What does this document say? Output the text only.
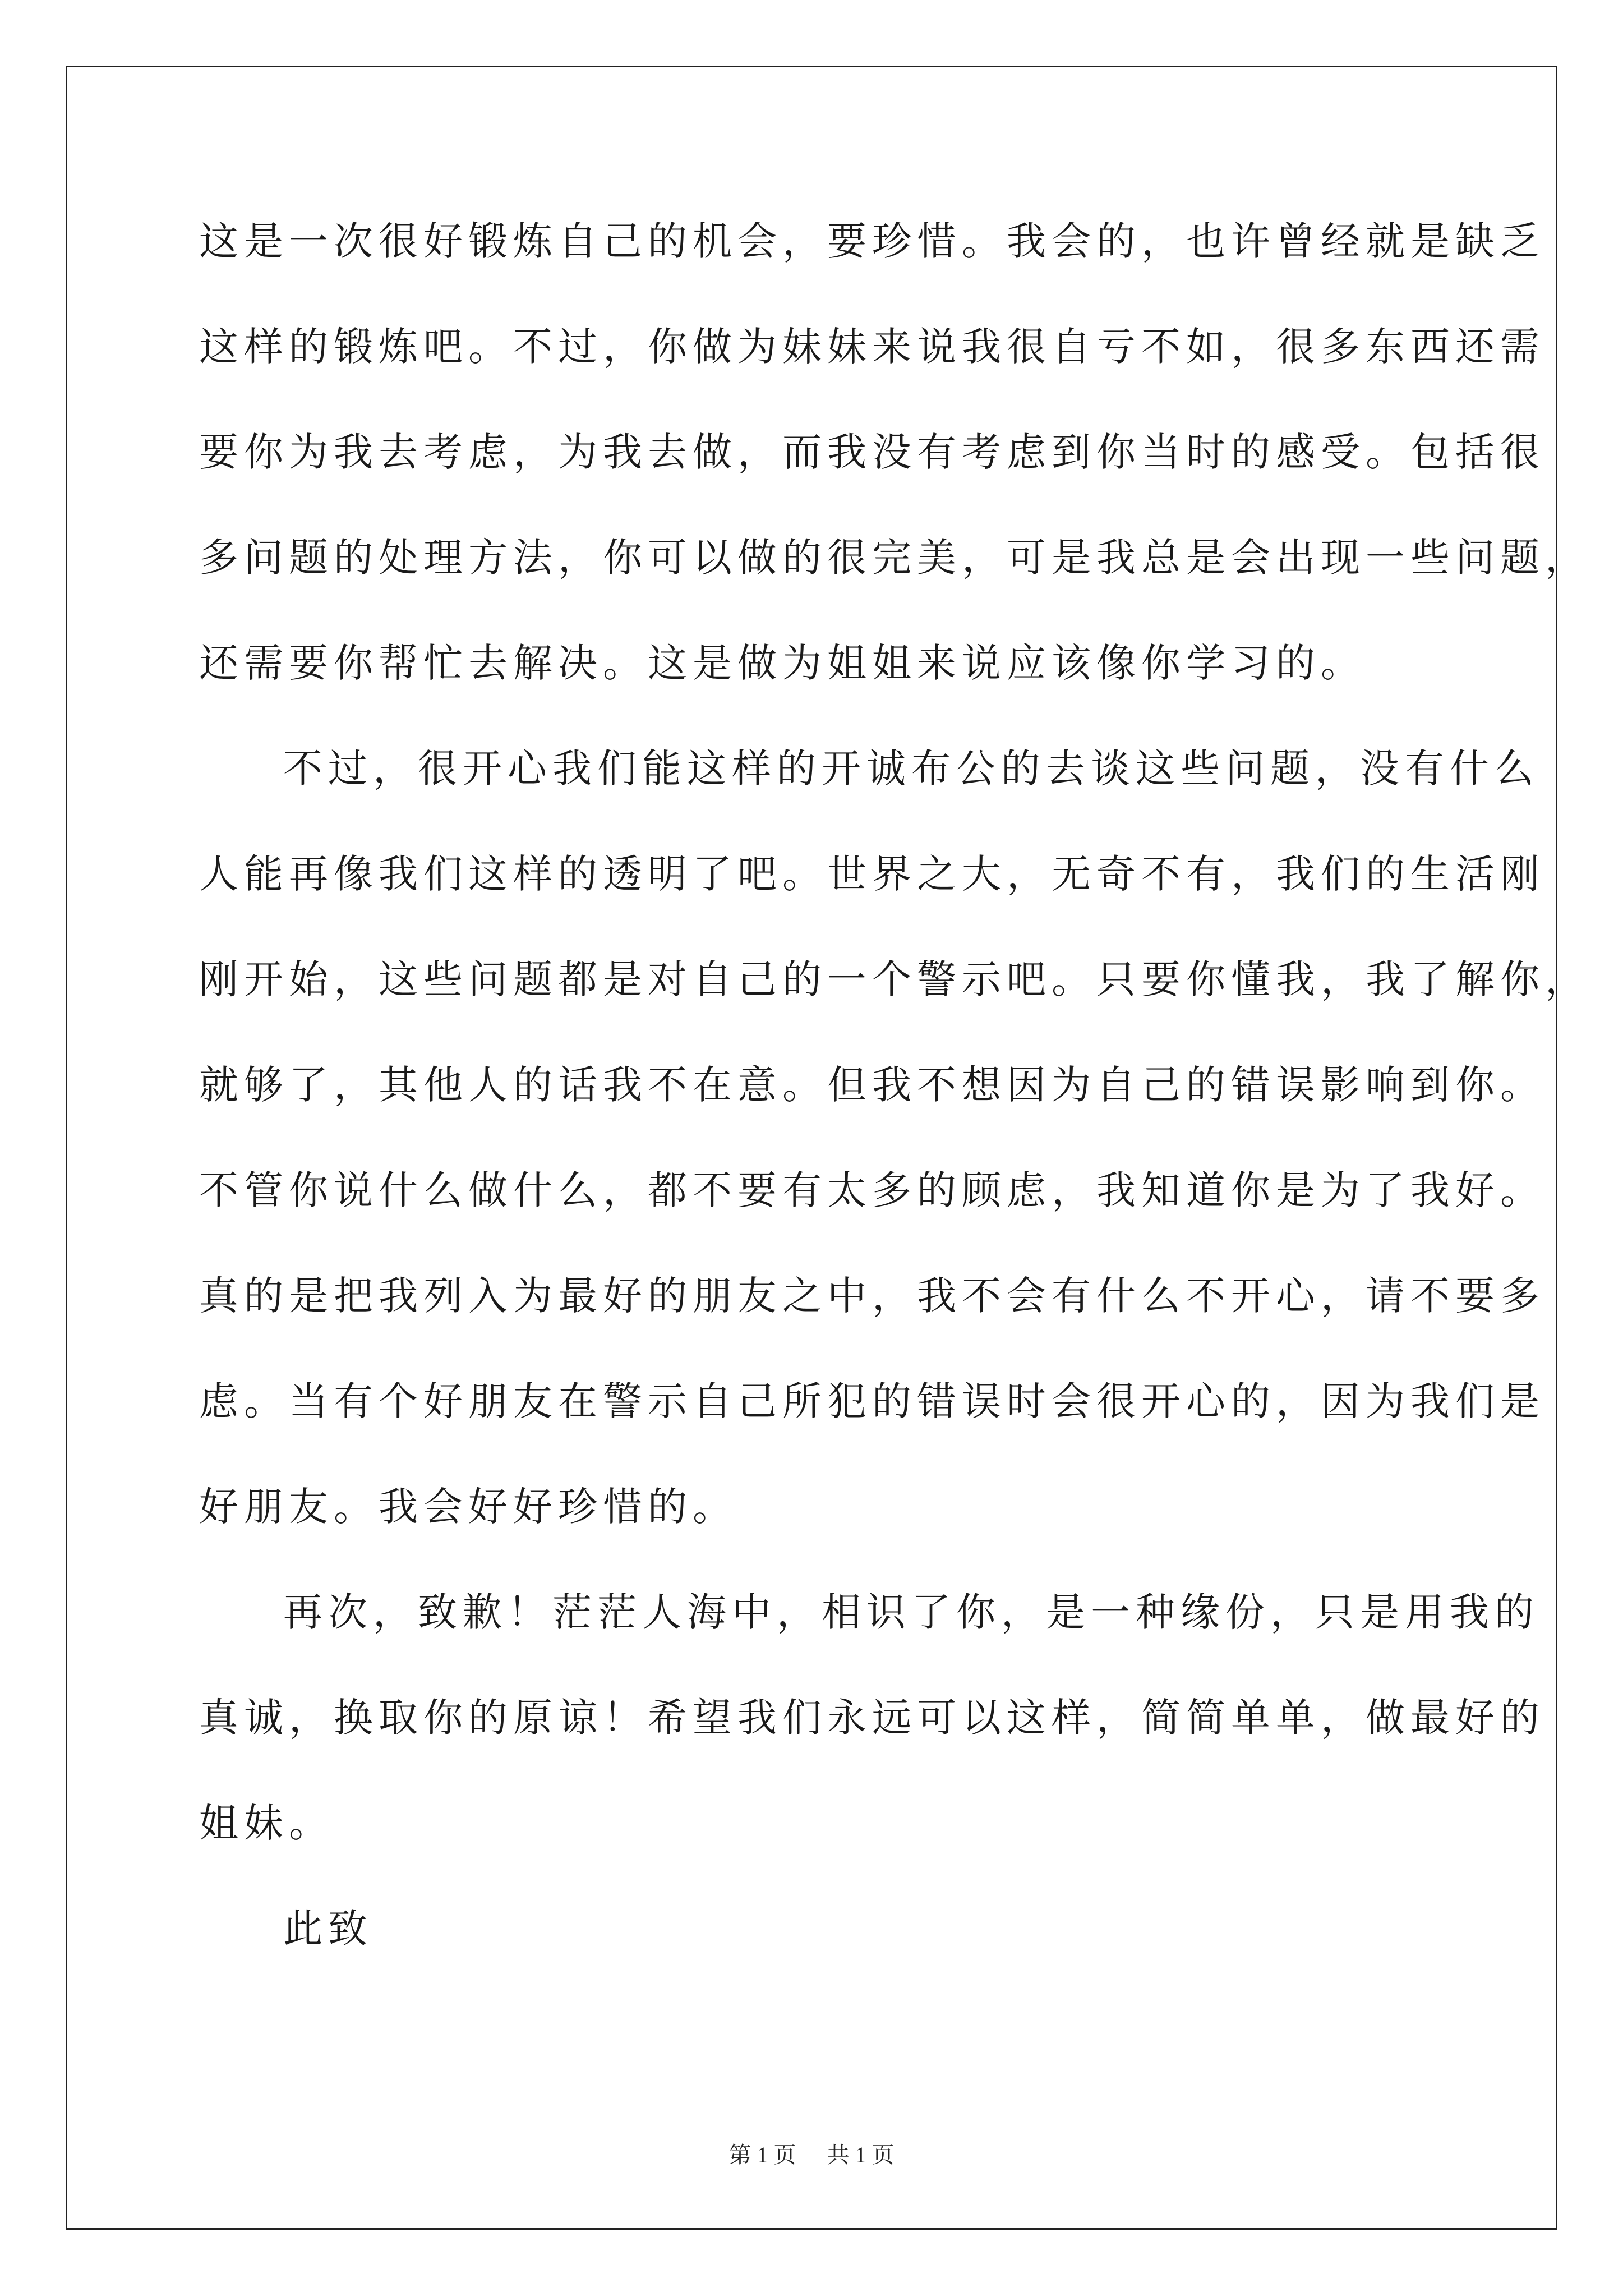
这是一次很好锻炼自己的机会，要珍惜。我会的，也许曾经就是缺乏
这样的锻炼吧。不过，你做为妹妹来说我很自亏不如，很多东西还需
要你为我去考虑，为我去做，而我没有考虑到你当时的感受。包括很
多问题的处理方法，你可以做的很完美，可是我总是会出现一些问题，
还需要你帮忙去解决。这是做为姐姐来说应该像你学习的。
不过，很开心我们能这样的开诚布公的去谈这些问题，没有什么
人能再像我们这样的透明了吧。世界之大，无奇不有，我们的生活刚
刚开始，这些问题都是对自己的一个警示吧。只要你懂我，我了解你，
就够了，其他人的话我不在意。但我不想因为自己的错误影响到你。
不管你说什么做什么，都不要有太多的顾虑，我知道你是为了我好。
真的是把我列入为最好的朋友之中，我不会有什么不开心，请不要多
虑。当有个好朋友在警示自己所犯的错误时会很开心的，因为我们是
好朋友。我会好好珍惜的。
再次，致歉！茫茫人海中，相识了你，是一种缘份，只是用我的
真诚，换取你的原谅！希望我们永远可以这样，简简单单，做最好的
姐妹。
此致
第 1 页 共 1 页
